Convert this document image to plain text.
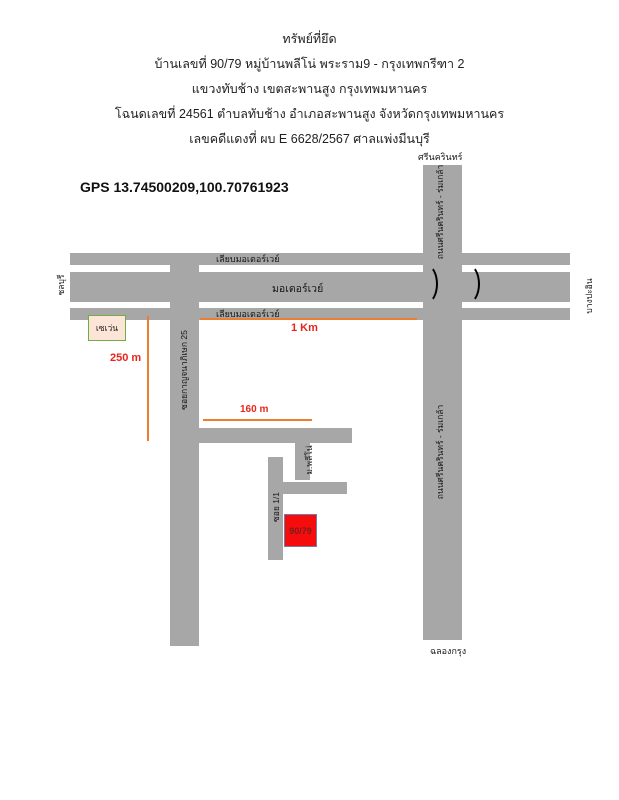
ทรัพย์ที่ยึด
บ้านเลขที่ 90/79 หมู่บ้านพลีโน่ พระราม9 - กรุงเทพกรีฑา 2
แขวงทับช้าง เขตสะพานสูง กรุงเทพมหานคร
โฉนดเลขที่ 24561 ตำบลทับช้าง อำเภอสะพานสูง จังหวัดกรุงเทพมหานคร
เลขคดีแดงที่ ผบ E 6628/2567 ศาลแพ่งมีนบุรี
GPS 13.74500209,100.70761923
ศรีนครินทร์
ถนนศรีนครินทร์ - ร่มเกล้า
ถนนศรีนครินทร์ - ร่มเกล้า
ฉลองกรุง
ชลบุรี	บางปะอิน
เลียบมอเตอร์เวย์
มอเตอร์เวย์
เลียบมอเตอร์เวย์
ซอยกาญจนาภิเษก 25
ม.พลีโน่
ซอย 1/1
1 Km
250 m
160 m
เซเว่น
90/79
